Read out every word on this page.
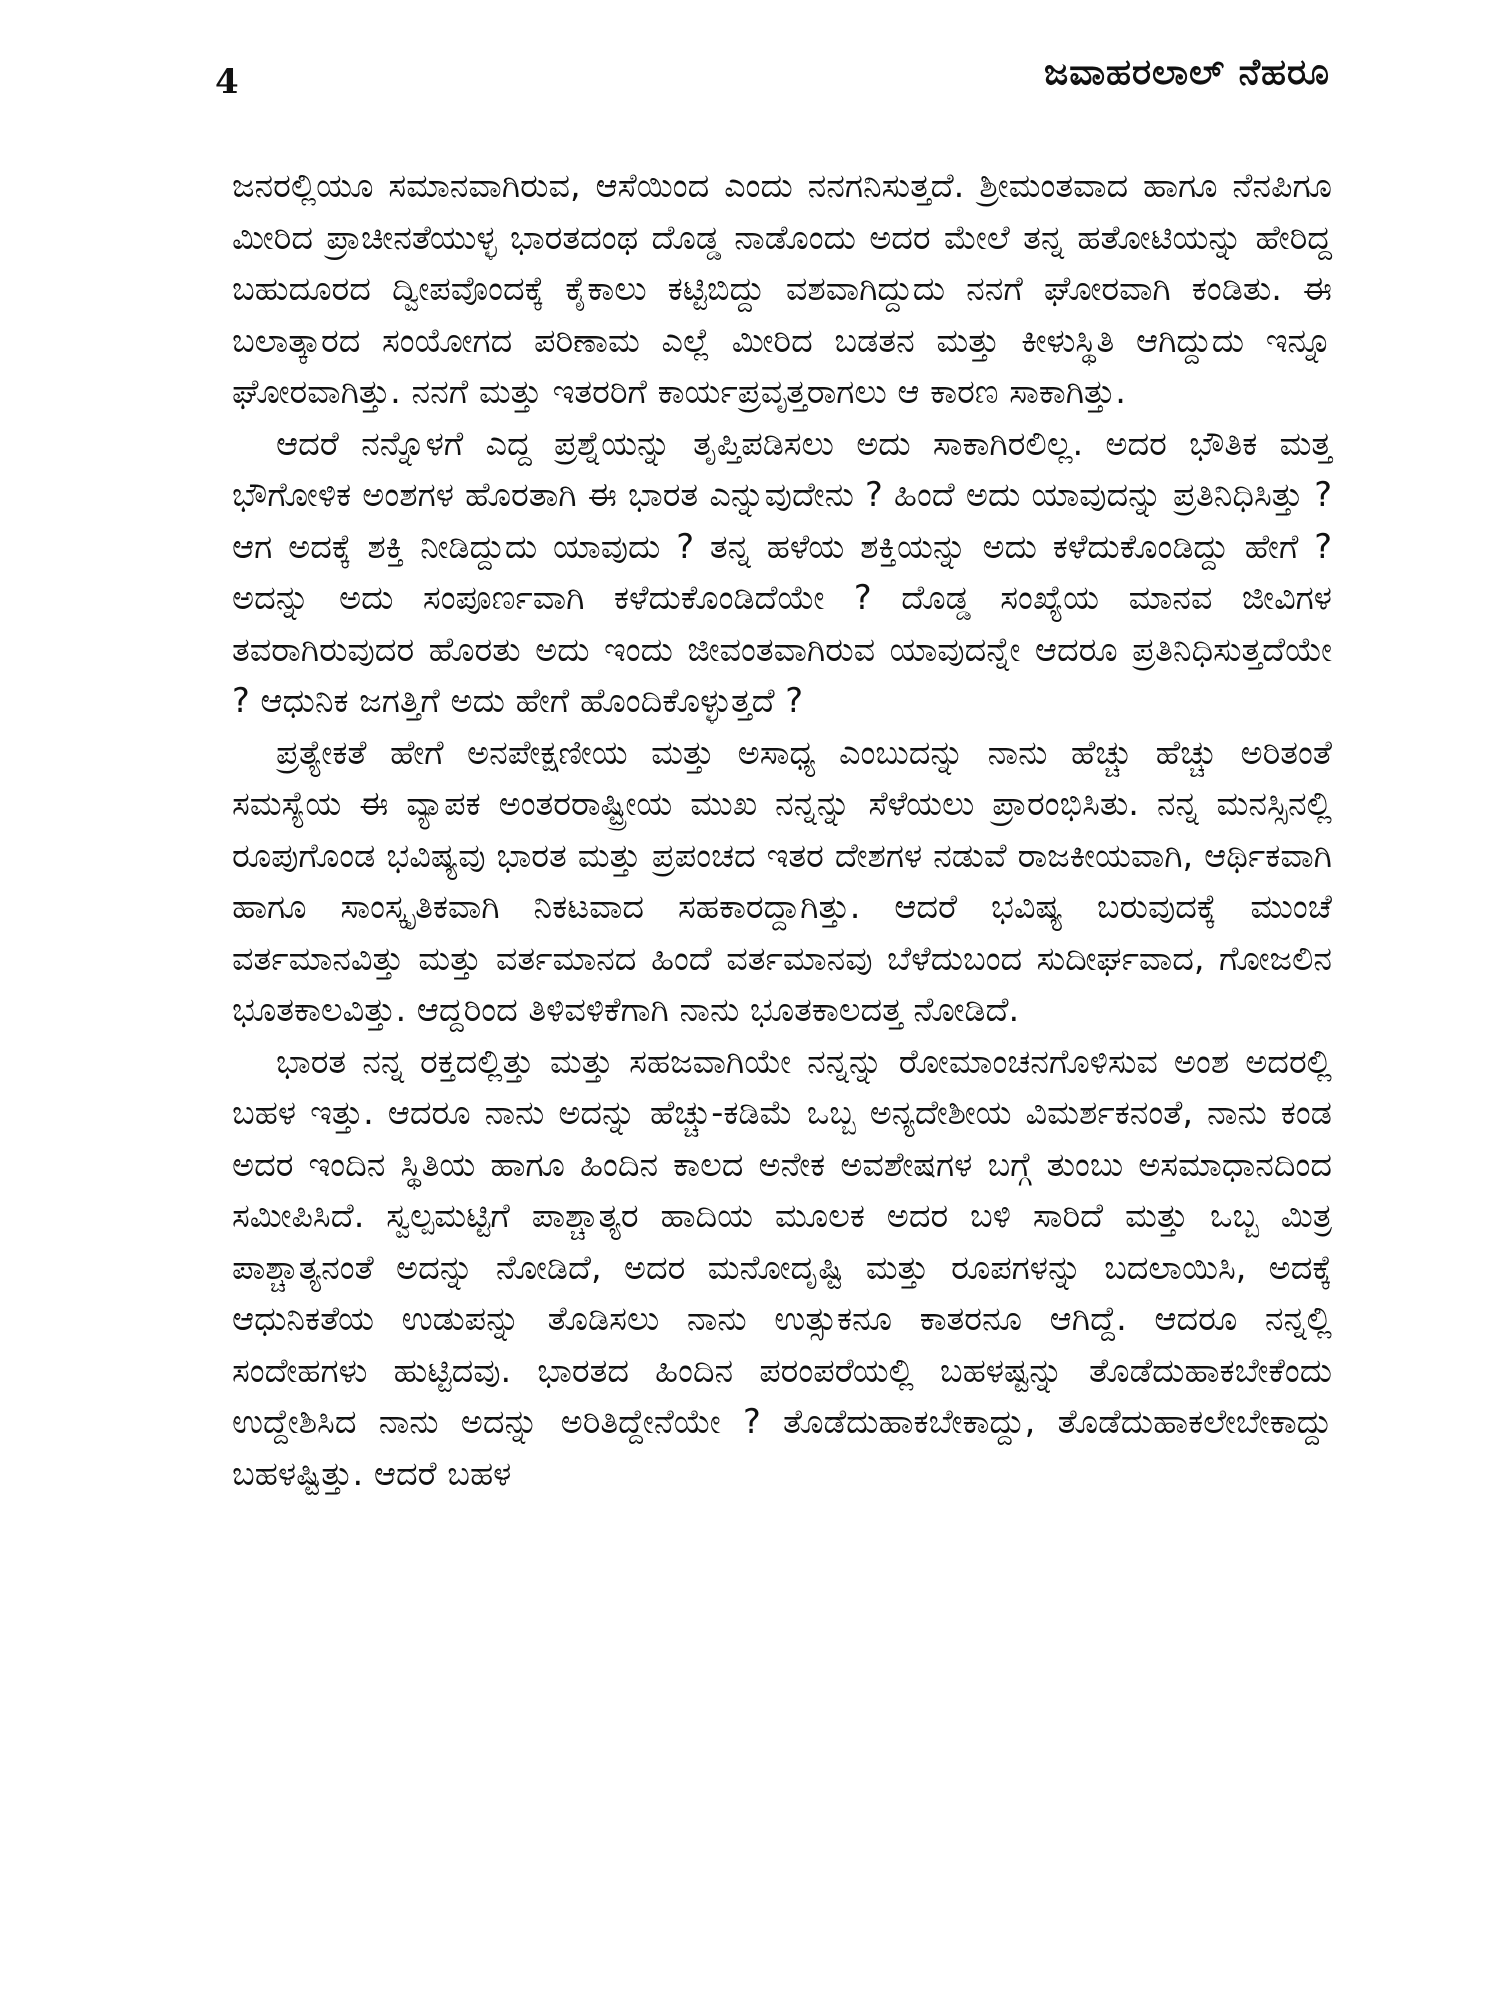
4	ಜವಾಹರಲಾಲ್ ನೆಹರೂ

ಜನರಲ್ಲಿಯೂ ಸಮಾನವಾಗಿರುವ, ಆಸೆಯಿಂದ ಎಂದು ನನಗನಿಸುತ್ತದೆ. ಶ್ರೀಮಂತವಾದ ಹಾಗೂ ನೆನಪಿಗೂ ಮೀರಿದ ಪ್ರಾಚೀನತೆಯುಳ್ಳ ಭಾರತದಂಥ ದೊಡ್ಡ ನಾಡೊಂದು ಅದರ ಮೇಲೆ ತನ್ನ ಹತೋಟಿಯನ್ನು ಹೇರಿದ್ದ ಬಹುದೂರದ ದ್ವೀಪವೊಂದಕ್ಕೆ ಕೈಕಾಲು ಕಟ್ಟಿಬಿದ್ದು ವಶವಾಗಿದ್ದುದು ನನಗೆ ಘೋರವಾಗಿ ಕಂಡಿತು. ಈ ಬಲಾತ್ಕಾರದ ಸಂಯೋಗದ ಪರಿಣಾಮ ಎಲ್ಲೆ ಮೀರಿದ ಬಡತನ ಮತ್ತು ಕೀಳುಸ್ಥಿತಿ ಆಗಿದ್ದುದು ಇನ್ನೂ ಘೋರವಾಗಿತ್ತು. ನನಗೆ ಮತ್ತು ಇತರರಿಗೆ ಕಾರ್ಯಪ್ರವೃತ್ತರಾಗಲು ಆ ಕಾರಣ ಸಾಕಾಗಿತ್ತು.

ಆದರೆ ನನ್ನೊಳಗೆ ಎದ್ದ ಪ್ರಶ್ನೆಯನ್ನು ತೃಪ್ತಿಪಡಿಸಲು ಅದು ಸಾಕಾಗಿರಲಿಲ್ಲ. ಅದರ ಭೌತಿಕ ಮತ್ತ ಭೌಗೋಳಿಕ ಅಂಶಗಳ ಹೊರತಾಗಿ ಈ ಭಾರತ ಎನ್ನುವುದೇನು ? ಹಿಂದೆ ಅದು ಯಾವುದನ್ನು ಪ್ರತಿನಿಧಿಸಿತ್ತು ? ಆಗ ಅದಕ್ಕೆ ಶಕ್ತಿ ನೀಡಿದ್ದುದು ಯಾವುದು ? ತನ್ನ ಹಳೆಯ ಶಕ್ತಿಯನ್ನು ಅದು ಕಳೆದುಕೊಂಡಿದ್ದು ಹೇಗೆ ? ಅದನ್ನು ಅದು ಸಂಪೂರ್ಣವಾಗಿ ಕಳೆದುಕೊಂಡಿದೆಯೇ ? ದೊಡ್ಡ ಸಂಖ್ಯೆಯ ಮಾನವ ಜೀವಿಗಳ ತವರಾಗಿರುವುದರ ಹೊರತು ಅದು ಇಂದು ಜೀವಂತವಾಗಿರುವ ಯಾವುದನ್ನೇ ಆದರೂ ಪ್ರತಿನಿಧಿಸುತ್ತದೆಯೇ ? ಆಧುನಿಕ ಜಗತ್ತಿಗೆ ಅದು ಹೇಗೆ ಹೊಂದಿಕೊಳ್ಳುತ್ತದೆ ?

ಪ್ರತ್ಯೇಕತೆ ಹೇಗೆ ಅನಪೇಕ್ಷಣೀಯ ಮತ್ತು ಅಸಾಧ್ಯ ಎಂಬುದನ್ನು ನಾನು ಹೆಚ್ಚು ಹೆಚ್ಚು ಅರಿತಂತೆ ಸಮಸ್ಯೆಯ ಈ ವ್ಯಾಪಕ ಅಂತರರಾಷ್ಟ್ರೀಯ ಮುಖ ನನ್ನನ್ನು ಸೆಳೆಯಲು ಪ್ರಾರಂಭಿಸಿತು. ನನ್ನ ಮನಸ್ಸಿನಲ್ಲಿ ರೂಪುಗೊಂಡ ಭವಿಷ್ಯವು ಭಾರತ ಮತ್ತು ಪ್ರಪಂಚದ ಇತರ ದೇಶಗಳ ನಡುವೆ ರಾಜಕೀಯವಾಗಿ, ಆರ್ಥಿಕವಾಗಿ ಹಾಗೂ ಸಾಂಸ್ಕೃತಿಕವಾಗಿ ನಿಕಟವಾದ ಸಹಕಾರದ್ದಾಗಿತ್ತು. ಆದರೆ ಭವಿಷ್ಯ ಬರುವುದಕ್ಕೆ ಮುಂಚೆ ವರ್ತಮಾನವಿತ್ತು ಮತ್ತು ವರ್ತಮಾನದ ಹಿಂದೆ ವರ್ತಮಾನವು ಬೆಳೆದುಬಂದ ಸುದೀರ್ಘವಾದ, ಗೋಜಲಿನ ಭೂತಕಾಲವಿತ್ತು. ಆದ್ದರಿಂದ ತಿಳಿವಳಿಕೆಗಾಗಿ ನಾನು ಭೂತಕಾಲದತ್ತ ನೋಡಿದೆ.

ಭಾರತ ನನ್ನ ರಕ್ತದಲ್ಲಿತ್ತು ಮತ್ತು ಸಹಜವಾಗಿಯೇ ನನ್ನನ್ನು ರೋಮಾಂಚನಗೊಳಿಸುವ ಅಂಶ ಅದರಲ್ಲಿ ಬಹಳ ಇತ್ತು. ಆದರೂ ನಾನು ಅದನ್ನು ಹೆಚ್ಚು-ಕಡಿಮೆ ಒಬ್ಬ ಅನ್ಯದೇಶೀಯ ವಿಮರ್ಶಕನಂತೆ, ನಾನು ಕಂಡ ಅದರ ಇಂದಿನ ಸ್ಥಿತಿಯ ಹಾಗೂ ಹಿಂದಿನ ಕಾಲದ ಅನೇಕ ಅವಶೇಷಗಳ ಬಗ್ಗೆ ತುಂಬು ಅಸಮಾಧಾನದಿಂದ ಸಮೀಪಿಸಿದೆ. ಸ್ವಲ್ಪಮಟ್ಟಿಗೆ ಪಾಶ್ಚಾತ್ಯರ ಹಾದಿಯ ಮೂಲಕ ಅದರ ಬಳಿ ಸಾರಿದೆ ಮತ್ತು ಒಬ್ಬ ಮಿತ್ರ ಪಾಶ್ಚಾತ್ಯನಂತೆ ಅದನ್ನು ನೋಡಿದೆ, ಅದರ ಮನೋದೃಷ್ಟಿ ಮತ್ತು ರೂಪಗಳನ್ನು ಬದಲಾಯಿಸಿ, ಅದಕ್ಕೆ ಆಧುನಿಕತೆಯ ಉಡುಪನ್ನು ತೊಡಿಸಲು ನಾನು ಉತ್ಸುಕನೂ ಕಾತರನೂ ಆಗಿದ್ದೆ. ಆದರೂ ನನ್ನಲ್ಲಿ ಸಂದೇಹಗಳು ಹುಟ್ಟಿದವು. ಭಾರತದ ಹಿಂದಿನ ಪರಂಪರೆಯಲ್ಲಿ ಬಹಳಷ್ಟನ್ನು ತೊಡೆದುಹಾಕಬೇಕೆಂದು ಉದ್ದೇಶಿಸಿದ ನಾನು ಅದನ್ನು ಅರಿತಿದ್ದೇನೆಯೇ ? ತೊಡೆದುಹಾಕಬೇಕಾದ್ದು, ತೊಡೆದುಹಾಕಲೇಬೇಕಾದ್ದು ಬಹಳಷ್ಟಿತ್ತು. ಆದರೆ ಬಹಳ
